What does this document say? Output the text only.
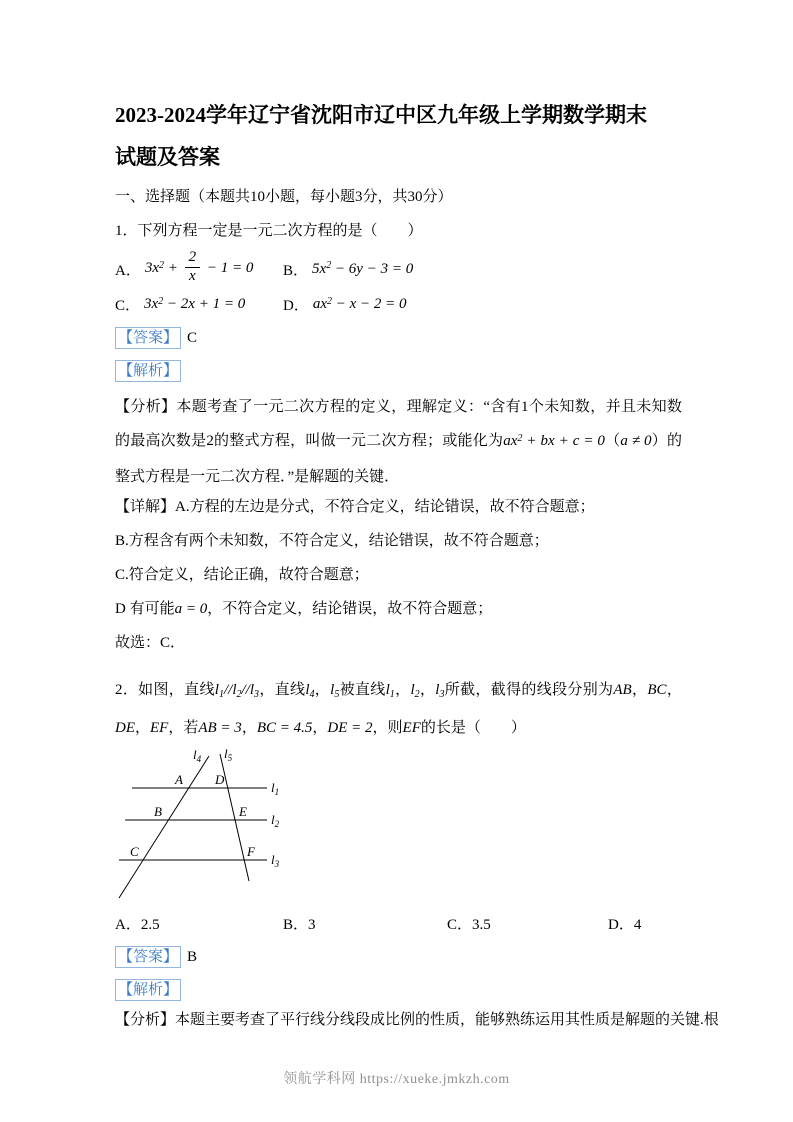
2023-2024学年辽宁省沈阳市辽中区九年级上学期数学期末
试题及答案

一、选择题（本题共10小题，每小题3分，共30分）

1．下列方程一定是一元二次方程的是（　　）

A． $3x^2 + \frac{2}{x} - 1 = 0$ B． $5x^2 - 6y - 3 = 0$
C． $3x^2 - 2x + 1 = 0$	D． $ax^2 - x - 2 = 0$

【答案】 C

【解析】

【分析】本题考查了一元二次方程的定义，理解定义：“含有1个未知数，并且未知数的最高次数是2的整式方程，叫做一元二次方程；或能化为$ax^2$ + bx + c = 0（a ≠ 0）的整式方程是一元二次方程．”是解题的关键．

【详解】A.方程的左边是分式，不符合定义，结论错误，故不符合题意；

B.方程含有两个未知数，不符合定义，结论错误，故不符合题意；

C.符合定义，结论正确，故符合题意；

D 有可能a = 0，不符合定义，结论错误，故不符合题意；

故选：C．

2．如图，直线$l_1//l_2//l_3$，直线$l_4$，$l_5$被直线$l_1$，$l_2$，$l_3$所截，截得的线段分别为AB，BC，DE，EF，若AB = 3，BC = 4.5，DE = 2，则EF的长是（　　）

$l_4$ $l_5$
$l_1$
$l_2$
$l_3$
A D
B	E
C	F
A．2.5	B．3	C．3.5	D．4

【答案】 B

【解析】

【分析】本题主要考查了平行线分线段成比例的性质，能够熟练运用其性质是解题的关键.根

领航学科网 https://xueke.jmkzh.com
